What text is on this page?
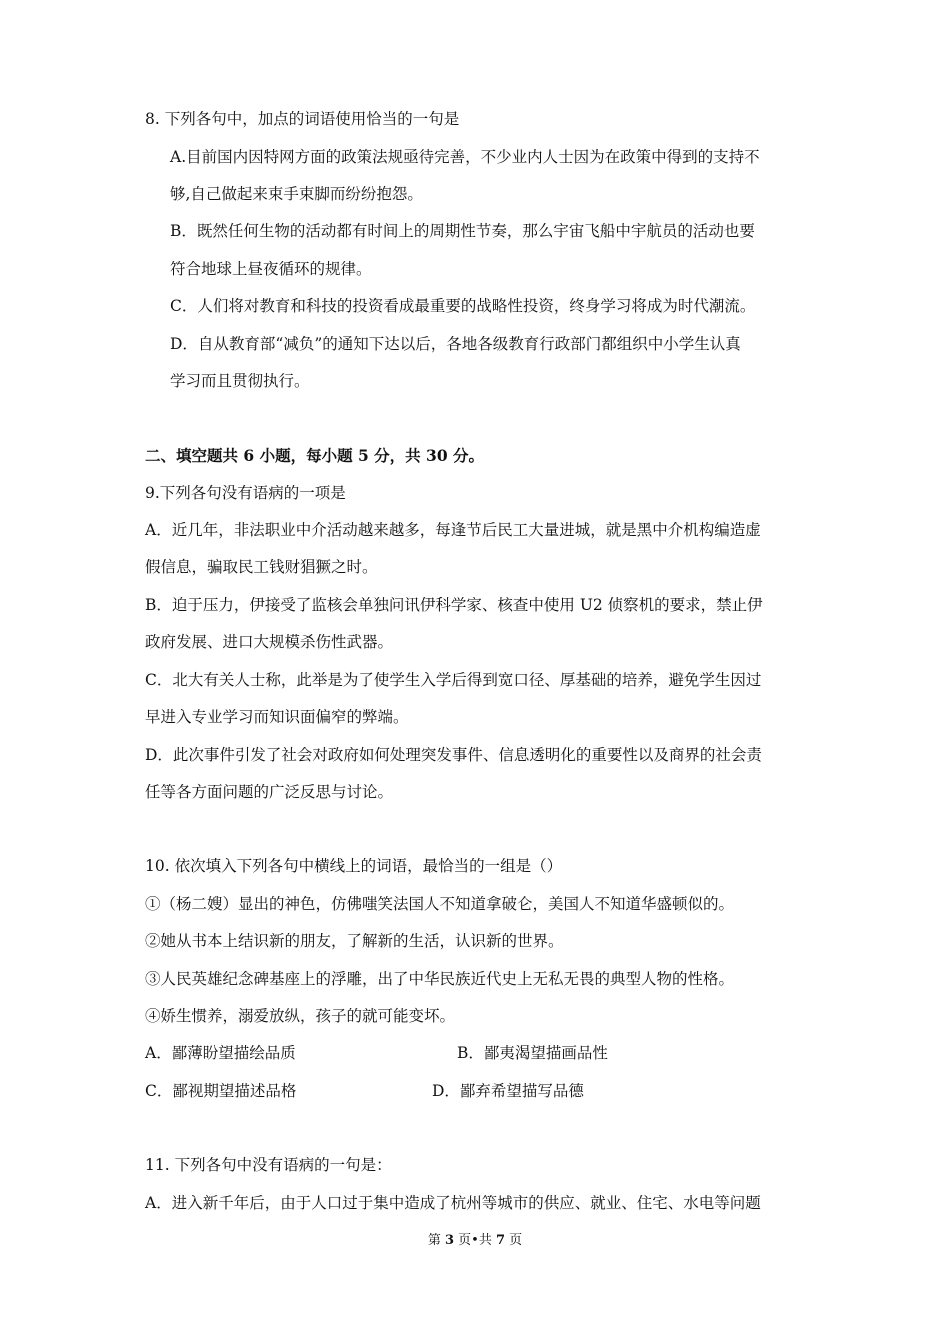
8. 下列各句中，加点的词语使用恰当的一句是

A.目前国内因特网方面的政策法规亟待完善，不少业内人士因为在政策中得到的支持不

够,自己做起来束手束脚而纷纷抱怨。

B．既然任何生物的活动都有时间上的周期性节奏，那么宇宙飞船中宇航员的活动也要

符合地球上昼夜循环的规律。

C．人们将对教育和科技的投资看成最重要的战略性投资，终身学习将成为时代潮流。

D．自从教育部“减负”的通知下达以后，各地各级教育行政部门都组织中小学生认真

学习而且贯彻执行。

二、填空题共 6 小题，每小题 5 分，共 30 分。

9.下列各句没有语病的一项是

A．近几年，非法职业中介活动越来越多，每逢节后民工大量进城，就是黑中介机构编造虚

假信息，骗取民工钱财猖獗之时。

B．迫于压力，伊接受了监核会单独问讯伊科学家、核查中使用 U2 侦察机的要求，禁止伊

政府发展、进口大规模杀伤性武器。

C．北大有关人士称，此举是为了使学生入学后得到宽口径、厚基础的培养，避免学生因过

早进入专业学习而知识面偏窄的弊端。

D．此次事件引发了社会对政府如何处理突发事件、信息透明化的重要性以及商界的社会责

任等各方面问题的广泛反思与讨论。

10. 依次填入下列各句中横线上的词语，最恰当的一组是（）

①（杨二嫂）显出的神色，仿佛嗤笑法国人不知道拿破仑，美国人不知道华盛顿似的。

②她从书本上结识新的朋友，了解新的生活，认识新的世界。

③人民英雄纪念碑基座上的浮雕，出了中华民族近代史上无私无畏的典型人物的性格。

④娇生惯养，溺爱放纵，孩子的就可能变坏。

A．鄙薄盼望描绘品质	B．鄙夷渴望描画品性

C．鄙视期望描述品格	D．鄙弃希望描写品德

11. 下列各句中没有语病的一句是：

A．进入新千年后，由于人口过于集中造成了杭州等城市的供应、就业、住宅、水电等问题

第 3 页•共 7 页
